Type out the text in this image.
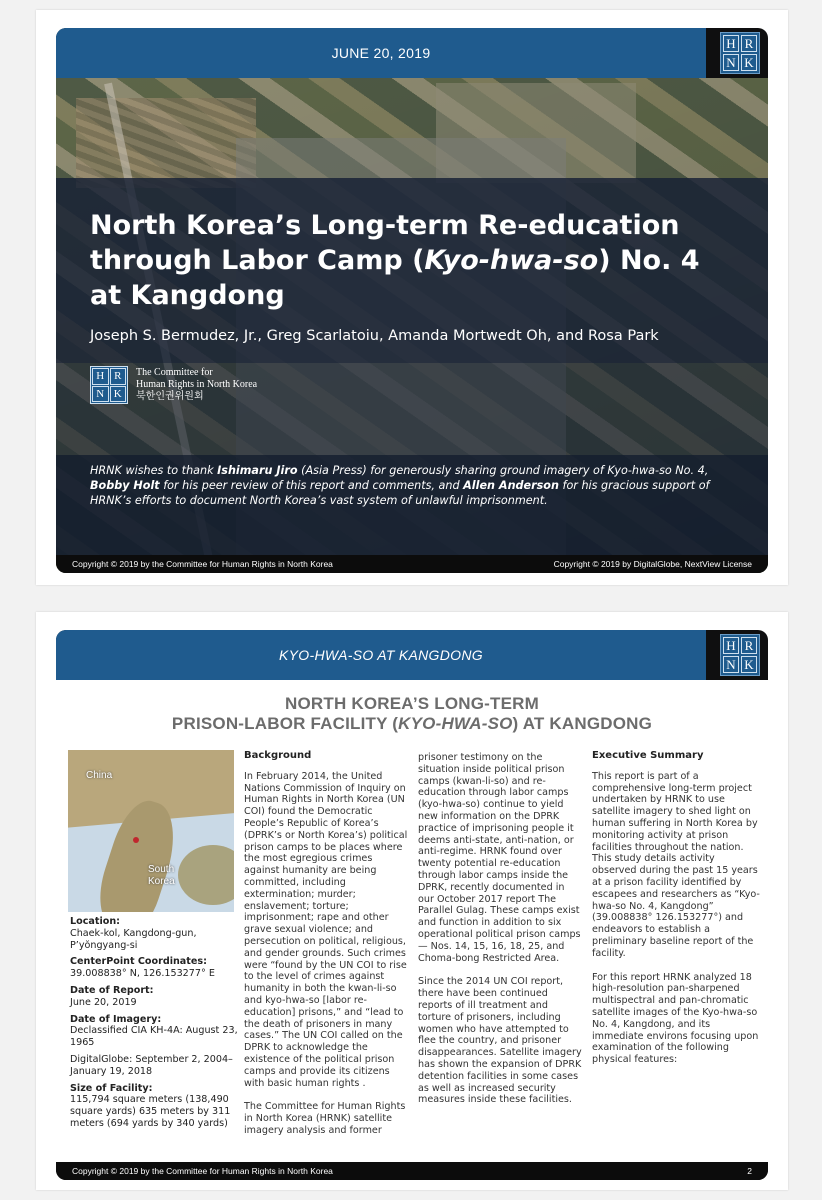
JUNE 20, 2019
H R
N K
North Korea’s Long-term Re-education
through Labor Camp (Kyo-hwa-so) No. 4
at Kangdong
Joseph S. Bermudez, Jr., Greg Scarlatoiu, Amanda Mortwedt Oh, and Rosa Park
H R
N K
The Committee for
Human Rights in North Korea
북한인권위원회
HRNK wishes to thank Ishimaru Jiro (Asia Press) for generously sharing ground imagery of Kyo-hwa-so No. 4, Bobby Holt for his peer review of this report and comments, and Allen Anderson for his gracious support of HRNK’s efforts to document North Korea’s vast system of unlawful imprisonment.
Copyright © 2019 by the Committee for Human Rights in North Korea	Copyright © 2019 by DigitalGlobe, NextView License
KYO-HWA-SO AT KANGDONG
H R
N K
NORTH KOREA’S LONG-TERM
PRISON-LABOR FACILITY (KYO-HWA-SO) AT KANGDONG
China
South
Korea

Location:
Chaek-kol, Kangdong-gun, P’yŏngyang-si

CenterPoint Coordinates:
39.008838° N, 126.153277° E

Date of Report:
June 20, 2019

Date of Imagery:
Declassified CIA KH-4A: August 23, 1965

DigitalGlobe: September 2, 2004–January 19, 2018

Size of Facility:
115,794 square meters (138,490 square yards) 635 meters by 311 meters (694 yards by 340 yards)

Background

In February 2014, the United Nations Commission of Inquiry on Human Rights in North Korea (UN COI) found the Democratic People’s Republic of Korea’s (DPRK’s or North Korea’s) political prison camps to be places where the most egregious crimes against humanity are being committed, including extermination; murder; enslavement; torture; imprisonment; rape and other grave sexual violence; and persecution on political, religious, and gender grounds. Such crimes were “found by the UN COI to rise to the level of crimes against humanity in both the kwan-li-so and kyo-hwa-so [labor re-education] prisons,” and “lead to the death of prisoners in many cases.” The UN COI called on the DPRK to acknowledge the existence of the political prison camps and provide its citizens with basic human rights .

The Committee for Human Rights in North Korea (HRNK) satellite imagery analysis and former

prisoner testimony on the situation inside political prison camps (kwan-li-so) and re-education through labor camps (kyo-hwa-so) continue to yield new information on the DPRK practice of imprisoning people it deems anti-state, anti-nation, or anti-regime. HRNK found over twenty potential re-education through labor camps inside the DPRK, recently documented in our October 2017 report The Parallel Gulag. These camps exist and function in addition to six operational political prison camps— Nos. 14, 15, 16, 18, 25, and Choma-bong Restricted Area.

Since the 2014 UN COI report, there have been continued reports of ill treatment and torture of prisoners, including women who have attempted to flee the country, and prisoner disappearances. Satellite imagery has shown the expansion of DPRK detention facilities in some cases as well as increased security measures inside these facilities.

Executive Summary

This report is part of a comprehensive long-term project undertaken by HRNK to use satellite imagery to shed light on human suffering in North Korea by monitoring activity at prison facilities throughout the nation. This study details activity observed during the past 15 years at a prison facility identified by escapees and researchers as “Kyo-hwa-so No. 4, Kangdong” (39.008838° 126.153277°) and endeavors to establish a preliminary baseline report of the facility.

For this report HRNK analyzed 18 high-resolution pan-sharpened multispectral and pan-chromatic satellite images of the Kyo-hwa-so No. 4, Kangdong, and its immediate environs focusing upon examination of the following physical features:

Copyright © 2019 by the Committee for Human Rights in North Korea	2
